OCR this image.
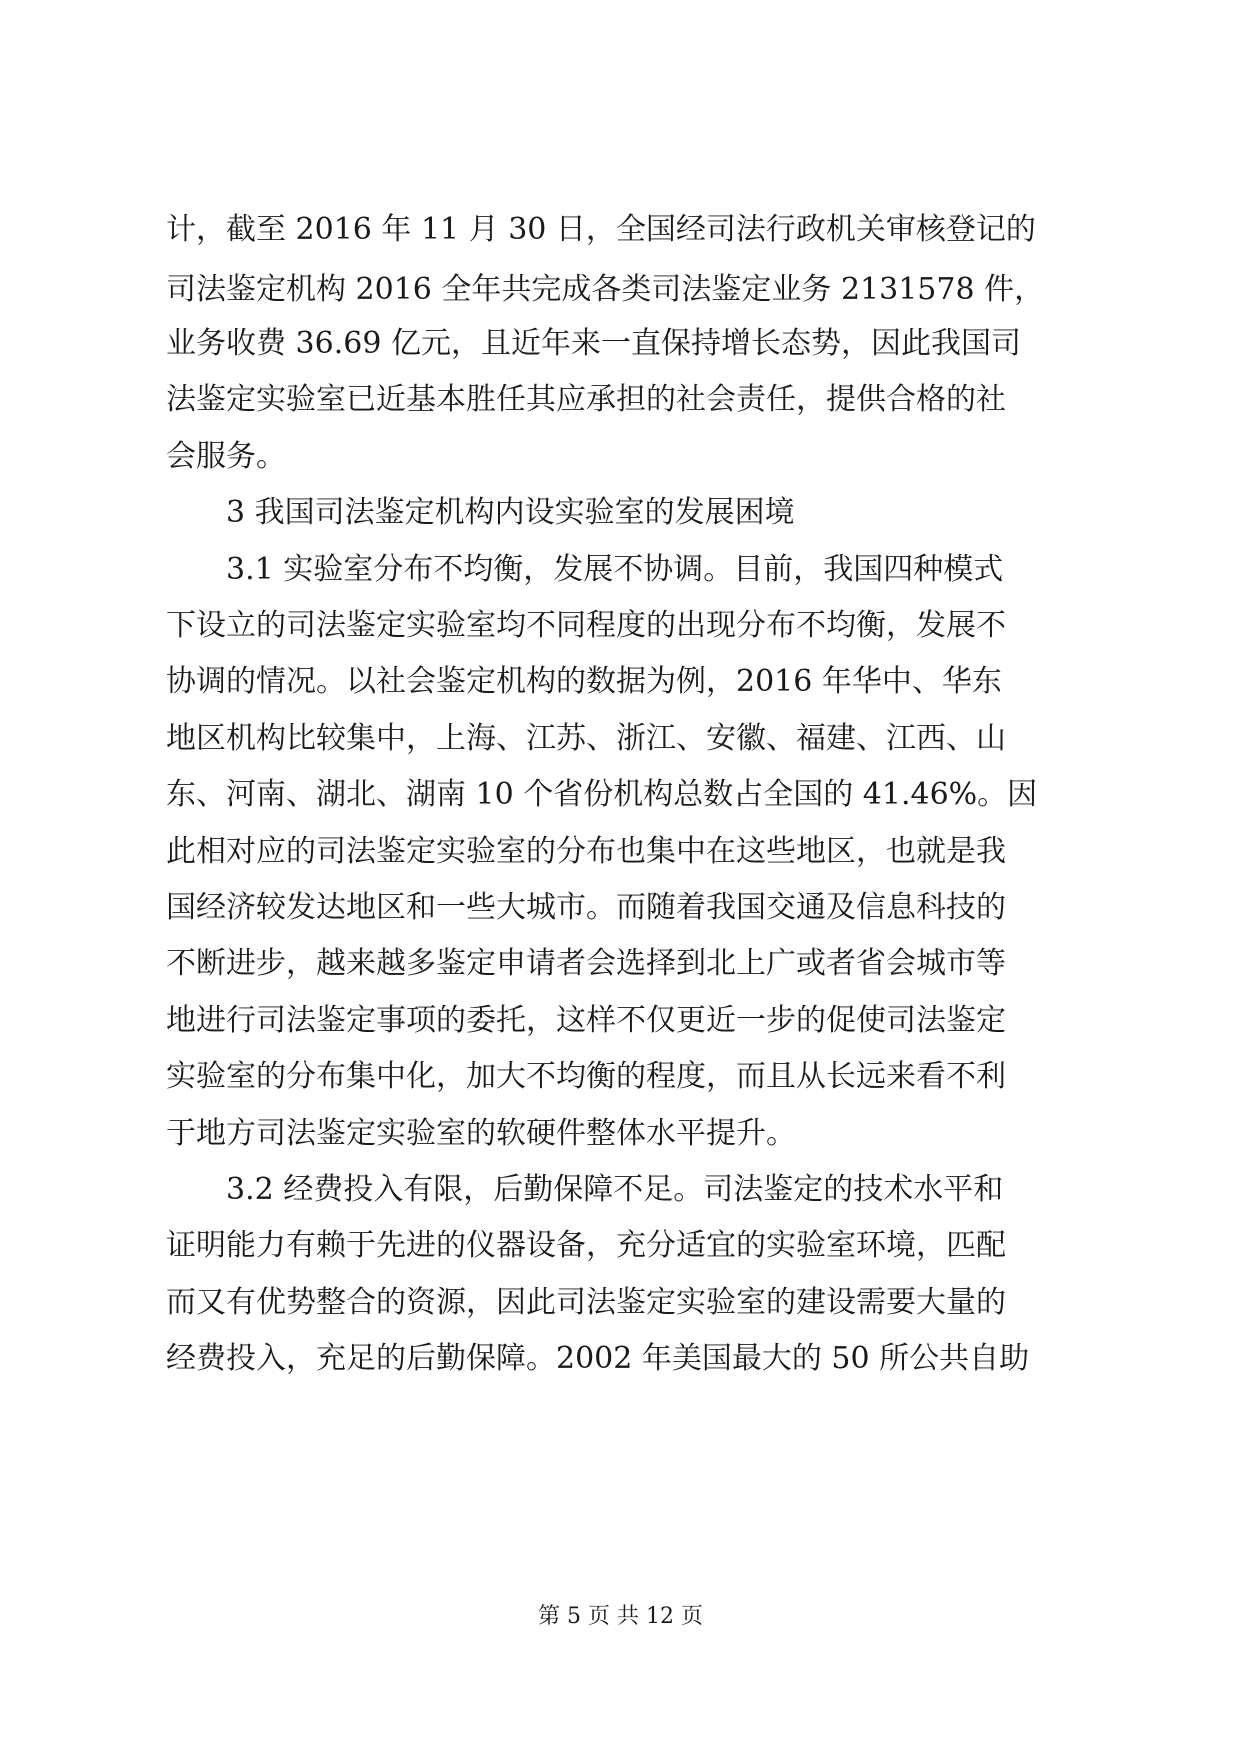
计，截至 2016 年 11 月 30 日，全国经司法行政机关审核登记的
司法鉴定机构 2016 全年共完成各类司法鉴定业务 2131578 件，
业务收费 36.69 亿元，且近年来一直保持增长态势，因此我国司
法鉴定实验室已近基本胜任其应承担的社会责任，提供合格的社
会服务。
3 我国司法鉴定机构内设实验室的发展困境
3.1 实验室分布不均衡，发展不协调。目前，我国四种模式
下设立的司法鉴定实验室均不同程度的出现分布不均衡，发展不
协调的情况。以社会鉴定机构的数据为例，2016 年华中、华东
地区机构比较集中，上海、江苏、浙江、安徽、福建、江西、山
东、河南、湖北、湖南 10 个省份机构总数占全国的 41.46%。因
此相对应的司法鉴定实验室的分布也集中在这些地区，也就是我
国经济较发达地区和一些大城市。而随着我国交通及信息科技的
不断进步，越来越多鉴定申请者会选择到北上广或者省会城市等
地进行司法鉴定事项的委托，这样不仅更近一步的促使司法鉴定
实验室的分布集中化，加大不均衡的程度，而且从长远来看不利
于地方司法鉴定实验室的软硬件整体水平提升。
3.2 经费投入有限，后勤保障不足。司法鉴定的技术水平和
证明能力有赖于先进的仪器设备，充分适宜的实验室环境，匹配
而又有优势整合的资源，因此司法鉴定实验室的建设需要大量的
经费投入，充足的后勤保障。2002 年美国最大的 50 所公共自助
第 5 页 共 12 页
